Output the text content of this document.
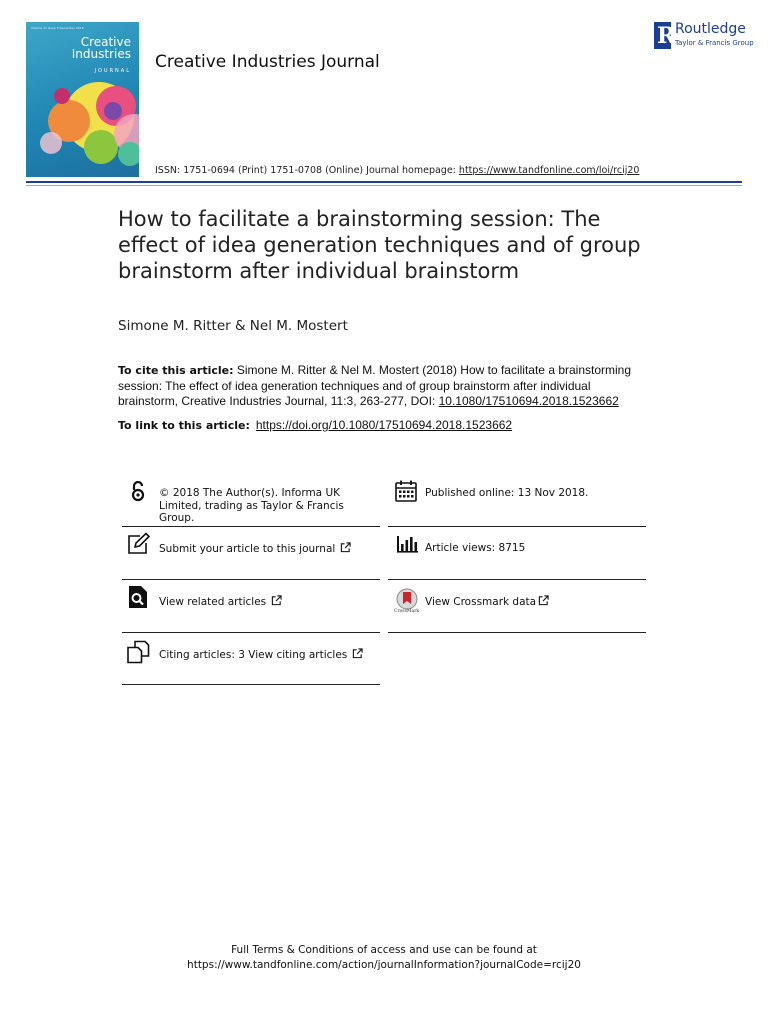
Volume 11 Issue 3 December 2018
Creative
Industries
JOURNAL Creative Industries Journal
R Routledge
Taylor & Francis Group
ISSN: 1751-0694 (Print) 1751-0708 (Online) Journal homepage: https://www.tandfonline.com/loi/rcij20
How to facilitate a brainstorming session: The effect of idea generation techniques and of group brainstorm after individual brainstorm
Simone M. Ritter & Nel M. Mostert
To cite this article: Simone M. Ritter & Nel M. Mostert (2018) How to facilitate a brainstorming session: The effect of idea generation techniques and of group brainstorm after individual brainstorm, Creative Industries Journal, 11:3, 263-277, DOI: 10.1080/17510694.2018.1523662
To link to this article: https://doi.org/10.1080/17510694.2018.1523662
© 2018 The Author(s). Informa UK Limited, trading as Taylor & Francis Group.
Published online: 13 Nov 2018.
Submit your article to this journal	Article views: 8715
View related articles
CrossMark
View Crossmark data
Citing articles: 3 View citing articles
Full Terms & Conditions of access and use can be found at
https://www.tandfonline.com/action/journalInformation?journalCode=rcij20
